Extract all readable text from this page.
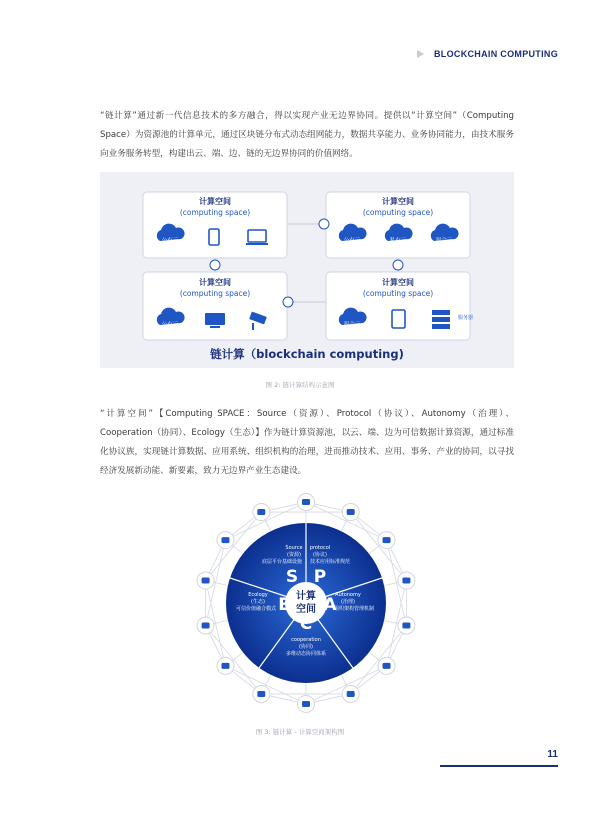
BLOCKCHAIN COMPUTING
“链计算”通过新一代信息技术的多方融合，得以实现产业无边界协同。提供以“计算空间”（Computing Space）为资源池的计算单元，通过区块链分布式动态组网能力，数据共享能力、业务协同能力，由技术服务向业务服务转型，构建出云、端、边、链的无边界协同的价值网络。
计算空间
(computing space)
公有云
计算空间
(computing space)
公有云	私有云	混合云
计算空间
(computing space)
公有云
计算空间
(computing space)
混合云
服务器
链计算（blockchain computing)
图 2: 链计算结构示意图
“计算空间”【Computing SPACE：Source（资源）、Protocol（协议）、Autonomy（治理）、Cooperation（协同）、Ecology（生态）】作为链计算资源池，以云、端、边为可信数据计算资源，通过标准化协议族，实现链计算数据、应用系统、组织机构的治理，进而推动技术、应用、事务、产业的协同，以寻找经济发展新动能、新要素，致力无边界产业生态建设。
计算
空间
Source
(资源)
底层平台基础设施
S
protocol
(协议)
技术应用标准规范
P
Autonomy
(治理)
组织架构管理机制
A
C
cooperation
(协同)
多维动态协同体系
Ecology
(生态)
可信价值融合模式 E
图 3: 链计算 - 计算空间架构图
11
